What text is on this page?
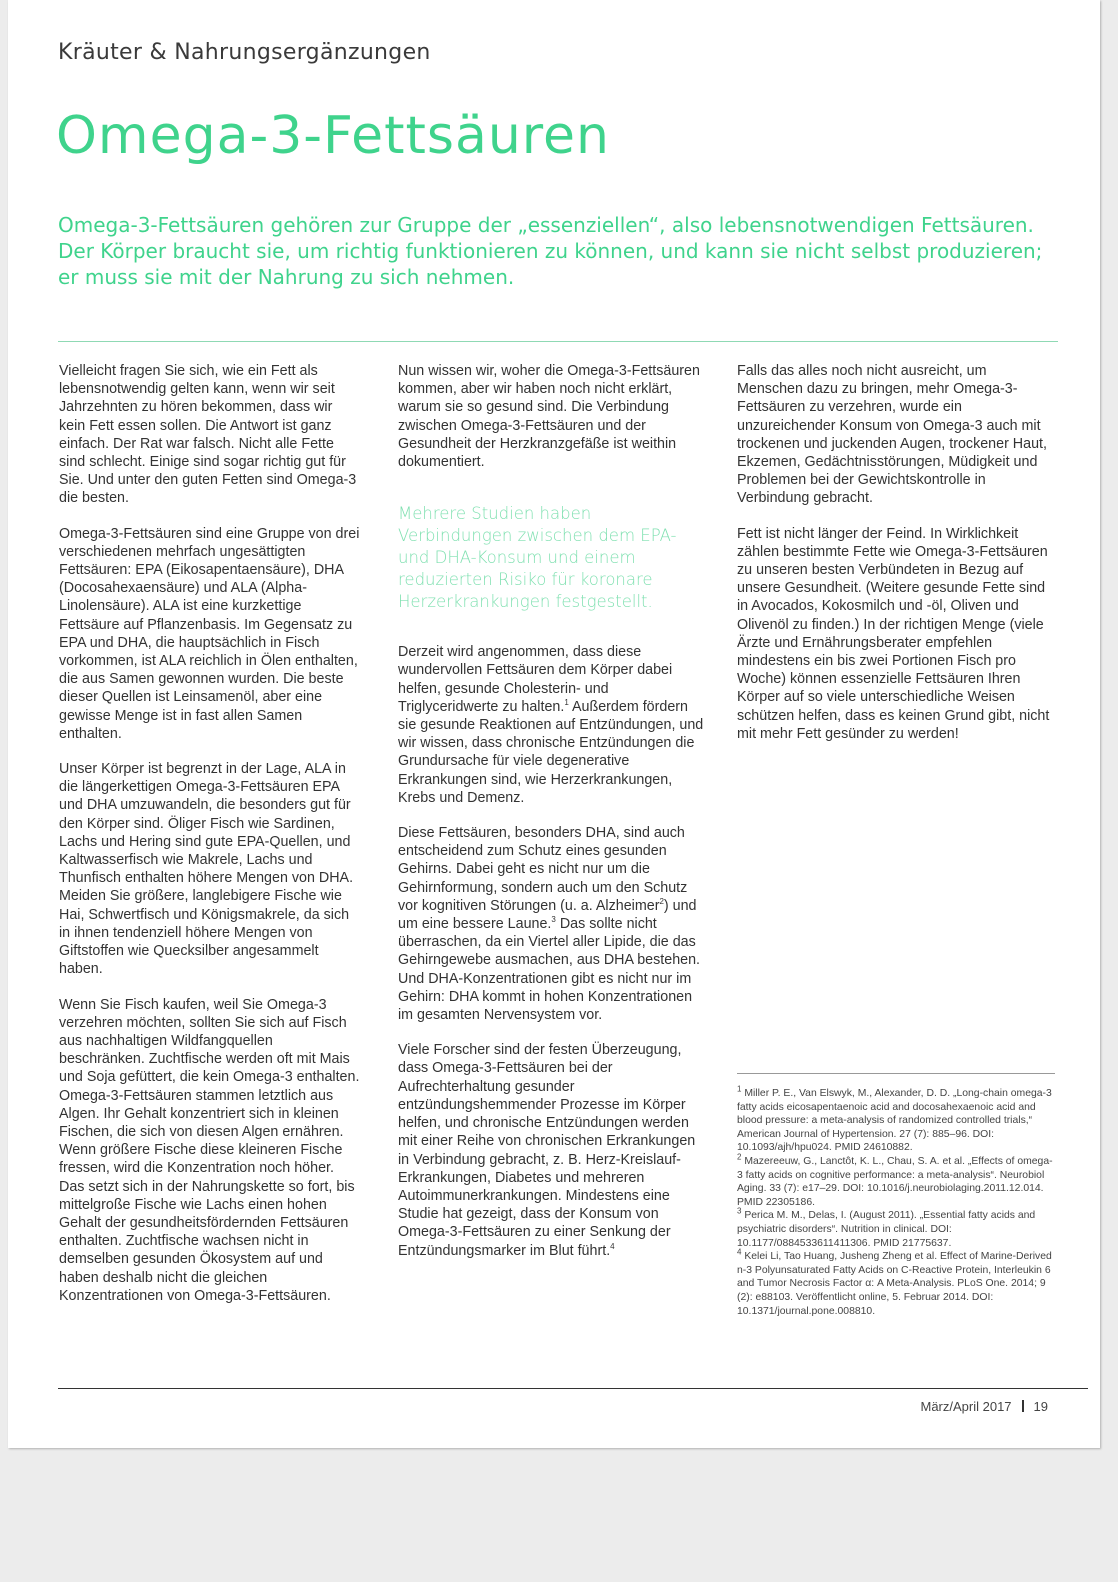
Kräuter & Nahrungsergänzungen
Omega-3-Fettsäuren
Omega-3-Fettsäuren gehören zur Gruppe der „essenziellen“, also lebensnotwendigen Fettsäuren. Der Körper braucht sie, um richtig funktionieren zu können, und kann sie nicht selbst produzieren; er muss sie mit der Nahrung zu sich nehmen.

Vielleicht fragen Sie sich, wie ein Fett als lebensnotwendig gelten kann, wenn wir seit Jahrzehnten zu hören bekommen, dass wir kein Fett essen sollen. Die Antwort ist ganz einfach. Der Rat war falsch. Nicht alle Fette sind schlecht. Einige sind sogar richtig gut für Sie. Und unter den guten Fetten sind Omega-3 die besten.

Omega-3-Fettsäuren sind eine Gruppe von drei verschiedenen mehrfach ungesättigten Fettsäuren: EPA (Eikosapentaensäure), DHA (Docosahexaensäure) und ALA (Alpha-Linolensäure). ALA ist eine kurzkettige Fettsäure auf Pflanzenbasis. Im Gegensatz zu EPA und DHA, die hauptsächlich in Fisch vorkommen, ist ALA reichlich in Ölen enthalten, die aus Samen gewonnen wurden. Die beste dieser Quellen ist Leinsamenöl, aber eine gewisse Menge ist in fast allen Samen enthalten.

Unser Körper ist begrenzt in der Lage, ALA in die längerkettigen Omega-3-Fettsäuren EPA und DHA umzuwandeln, die besonders gut für den Körper sind. Öliger Fisch wie Sardinen, Lachs und Hering sind gute EPA-Quellen, und Kaltwasserfisch wie Makrele, Lachs und Thunfisch enthalten höhere Mengen von DHA. Meiden Sie größere, langlebigere Fische wie Hai, Schwertfisch und Königsmakrele, da sich in ihnen tendenziell höhere Mengen von Giftstoffen wie Quecksilber angesammelt haben.

Wenn Sie Fisch kaufen, weil Sie Omega-3 verzehren möchten, sollten Sie sich auf Fisch aus nachhaltigen Wildfangquellen beschränken. Zuchtfische werden oft mit Mais und Soja gefüttert, die kein Omega-3 enthalten. Omega-3-Fettsäuren stammen letztlich aus Algen. Ihr Gehalt konzentriert sich in kleinen Fischen, die sich von diesen Algen ernähren. Wenn größere Fische diese kleineren Fische fressen, wird die Konzentration noch höher. Das setzt sich in der Nahrungskette so fort, bis mittelgroße Fische wie Lachs einen hohen Gehalt der gesundheitsfördernden Fettsäuren enthalten. Zuchtfische wachsen nicht in demselben gesunden Ökosystem auf und haben deshalb nicht die gleichen Konzentrationen von Omega-3-Fettsäuren.

Nun wissen wir, woher die Omega-3-Fettsäuren kommen, aber wir haben noch nicht erklärt, warum sie so gesund sind. Die Verbindung zwischen Omega-3-Fettsäuren und der Gesundheit der Herzkranzgefäße ist weithin dokumentiert.

Mehrere Studien haben Verbindungen zwischen dem EPA- und DHA-Konsum und einem reduzierten Risiko für koronare Herzerkrankungen festgestellt.

Derzeit wird angenommen, dass diese wundervollen Fettsäuren dem Körper dabei helfen, gesunde Cholesterin- und Triglyceridwerte zu halten.$^1$ Außerdem fördern sie gesunde Reaktionen auf Entzündungen, und wir wissen, dass chronische Entzündungen die Grundursache für viele degenerative Erkrankungen sind, wie Herzerkrankungen, Krebs und Demenz.

Diese Fettsäuren, besonders DHA, sind auch entscheidend zum Schutz eines gesunden Gehirns. Dabei geht es nicht nur um die Gehirnformung, sondern auch um den Schutz vor kognitiven Störungen (u. a. Alzheimer$^2$) und um eine bessere Laune.$^3$ Das sollte nicht überraschen, da ein Viertel aller Lipide, die das Gehirngewebe ausmachen, aus DHA bestehen. Und DHA-Konzentrationen gibt es nicht nur im Gehirn: DHA kommt in hohen Konzentrationen im gesamten Nervensystem vor.

Viele Forscher sind der festen Überzeugung, dass Omega-3-Fettsäuren bei der Aufrechterhaltung gesunder entzündungshemmender Prozesse im Körper helfen, und chronische Entzündungen werden mit einer Reihe von chronischen Erkrankungen in Verbindung gebracht, z. B. Herz-Kreislauf-Erkrankungen, Diabetes und mehreren Autoimmunerkrankungen. Mindestens eine Studie hat gezeigt, dass der Konsum von Omega-3-Fettsäuren zu einer Senkung der Entzündungsmarker im Blut führt.$^4$

Falls das alles noch nicht ausreicht, um Menschen dazu zu bringen, mehr Omega-3-Fettsäuren zu verzehren, wurde ein unzureichender Konsum von Omega-3 auch mit trockenen und juckenden Augen, trockener Haut, Ekzemen, Gedächtnisstörungen, Müdigkeit und Problemen bei der Gewichtskontrolle in Verbindung gebracht.

Fett ist nicht länger der Feind. In Wirklichkeit zählen bestimmte Fette wie Omega-3-Fettsäuren zu unseren besten Verbündeten in Bezug auf unsere Gesundheit. (Weitere gesunde Fette sind in Avocados, Kokosmilch und -öl, Oliven und Olivenöl zu finden.) In der richtigen Menge (viele Ärzte und Ernährungsberater empfehlen mindestens ein bis zwei Portionen Fisch pro Woche) können essenzielle Fettsäuren Ihren Körper auf so viele unterschiedliche Weisen schützen helfen, dass es keinen Grund gibt, nicht mit mehr Fett gesünder zu werden!

$^1$ Miller P. E., Van Elswyk, M., Alexander, D. D. „Long-chain omega-3 fatty acids eicosapentaenoic acid and docosahexaenoic acid and blood pressure: a meta-analysis of randomized controlled trials,“ American Journal of Hypertension. 27 (7): 885–96. DOI: 10.1093/ajh/hpu024. PMID 24610882.

$^2$ Mazereeuw, G., Lanctôt, K. L., Chau, S. A. et al. „Effects of omega-3 fatty acids on cognitive performance: a meta-analysis“. Neurobiol Aging. 33 (7): e17–29. DOI: 10.1016/j.neurobiolaging.2011.12.014. PMID 22305186.

$^3$ Perica M. M., Delas, I. (August 2011). „Essential fatty acids and psychiatric disorders“. Nutrition in clinical. DOI: 10.1177/0884533611411306. PMID 21775637.

$^4$ Kelei Li, Tao Huang, Jusheng Zheng et al. Effect of Marine-Derived n-3 Polyunsaturated Fatty Acids on C-Reactive Protein, Interleukin 6 and Tumor Necrosis Factor α: A Meta-Analysis. PLoS One. 2014; 9 (2): e88103. Veröffentlicht online, 5. Februar 2014. DOI: 10.1371/journal.pone.008810.

März/April 2017 19
